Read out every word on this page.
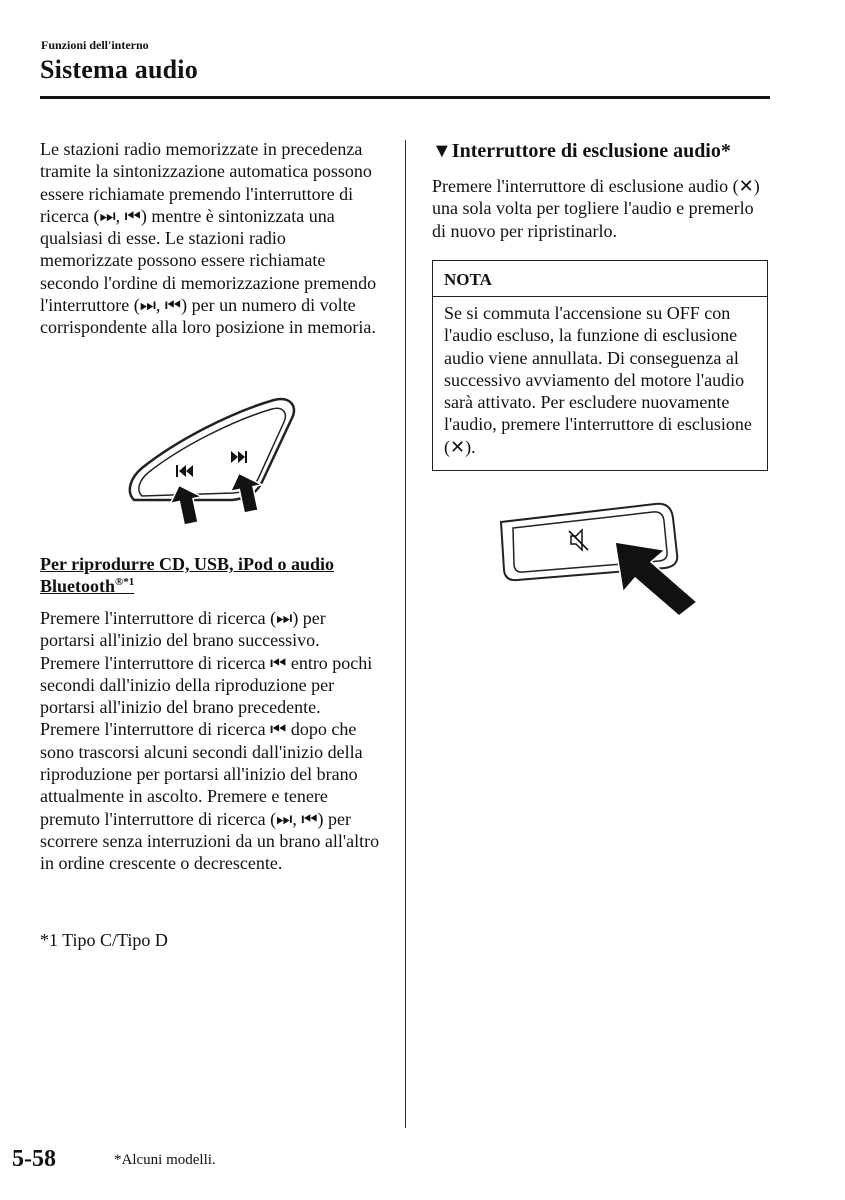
Funzioni dell'interno
Sistema audio

Le stazioni radio memorizzate in precedenza tramite la sintonizzazione automatica possono essere richiamate premendo l'interruttore di ricerca (⏭, ⏮) mentre è sintonizzata una qualsiasi di esse. Le stazioni radio memorizzate possono essere richiamate secondo l'ordine di memorizzazione premendo l'interruttore (⏭, ⏮) per un numero di volte corrispondente alla loro posizione in memoria.

Per riprodurre CD, USB, iPod o audio Bluetooth$^{®*1}$

Premere l'interruttore di ricerca (⏭) per portarsi all'inizio del brano successivo. Premere l'interruttore di ricerca ⏮ entro pochi secondi dall'inizio della riproduzione per portarsi all'inizio del brano precedente. Premere l'interruttore di ricerca ⏮ dopo che sono trascorsi alcuni secondi dall'inizio della riproduzione per portarsi all'inizio del brano attualmente in ascolto. Premere e tenere premuto l'interruttore di ricerca (⏭, ⏮) per scorrere senza interruzioni da un brano all'altro in ordine crescente o decrescente.

*1 Tipo C/Tipo D

▼Interruttore di esclusione audio*

Premere l'interruttore di esclusione audio (✕) una sola volta per togliere l'audio e premerlo di nuovo per ripristinarlo.

NOTA

Se si commuta l'accensione su OFF con l'audio escluso, la funzione di esclusione audio viene annullata. Di conseguenza al successivo avviamento del motore l'audio sarà attivato. Per escludere nuovamente l'audio, premere l'interruttore di esclusione (✕).

5-58	*Alcuni modelli.
